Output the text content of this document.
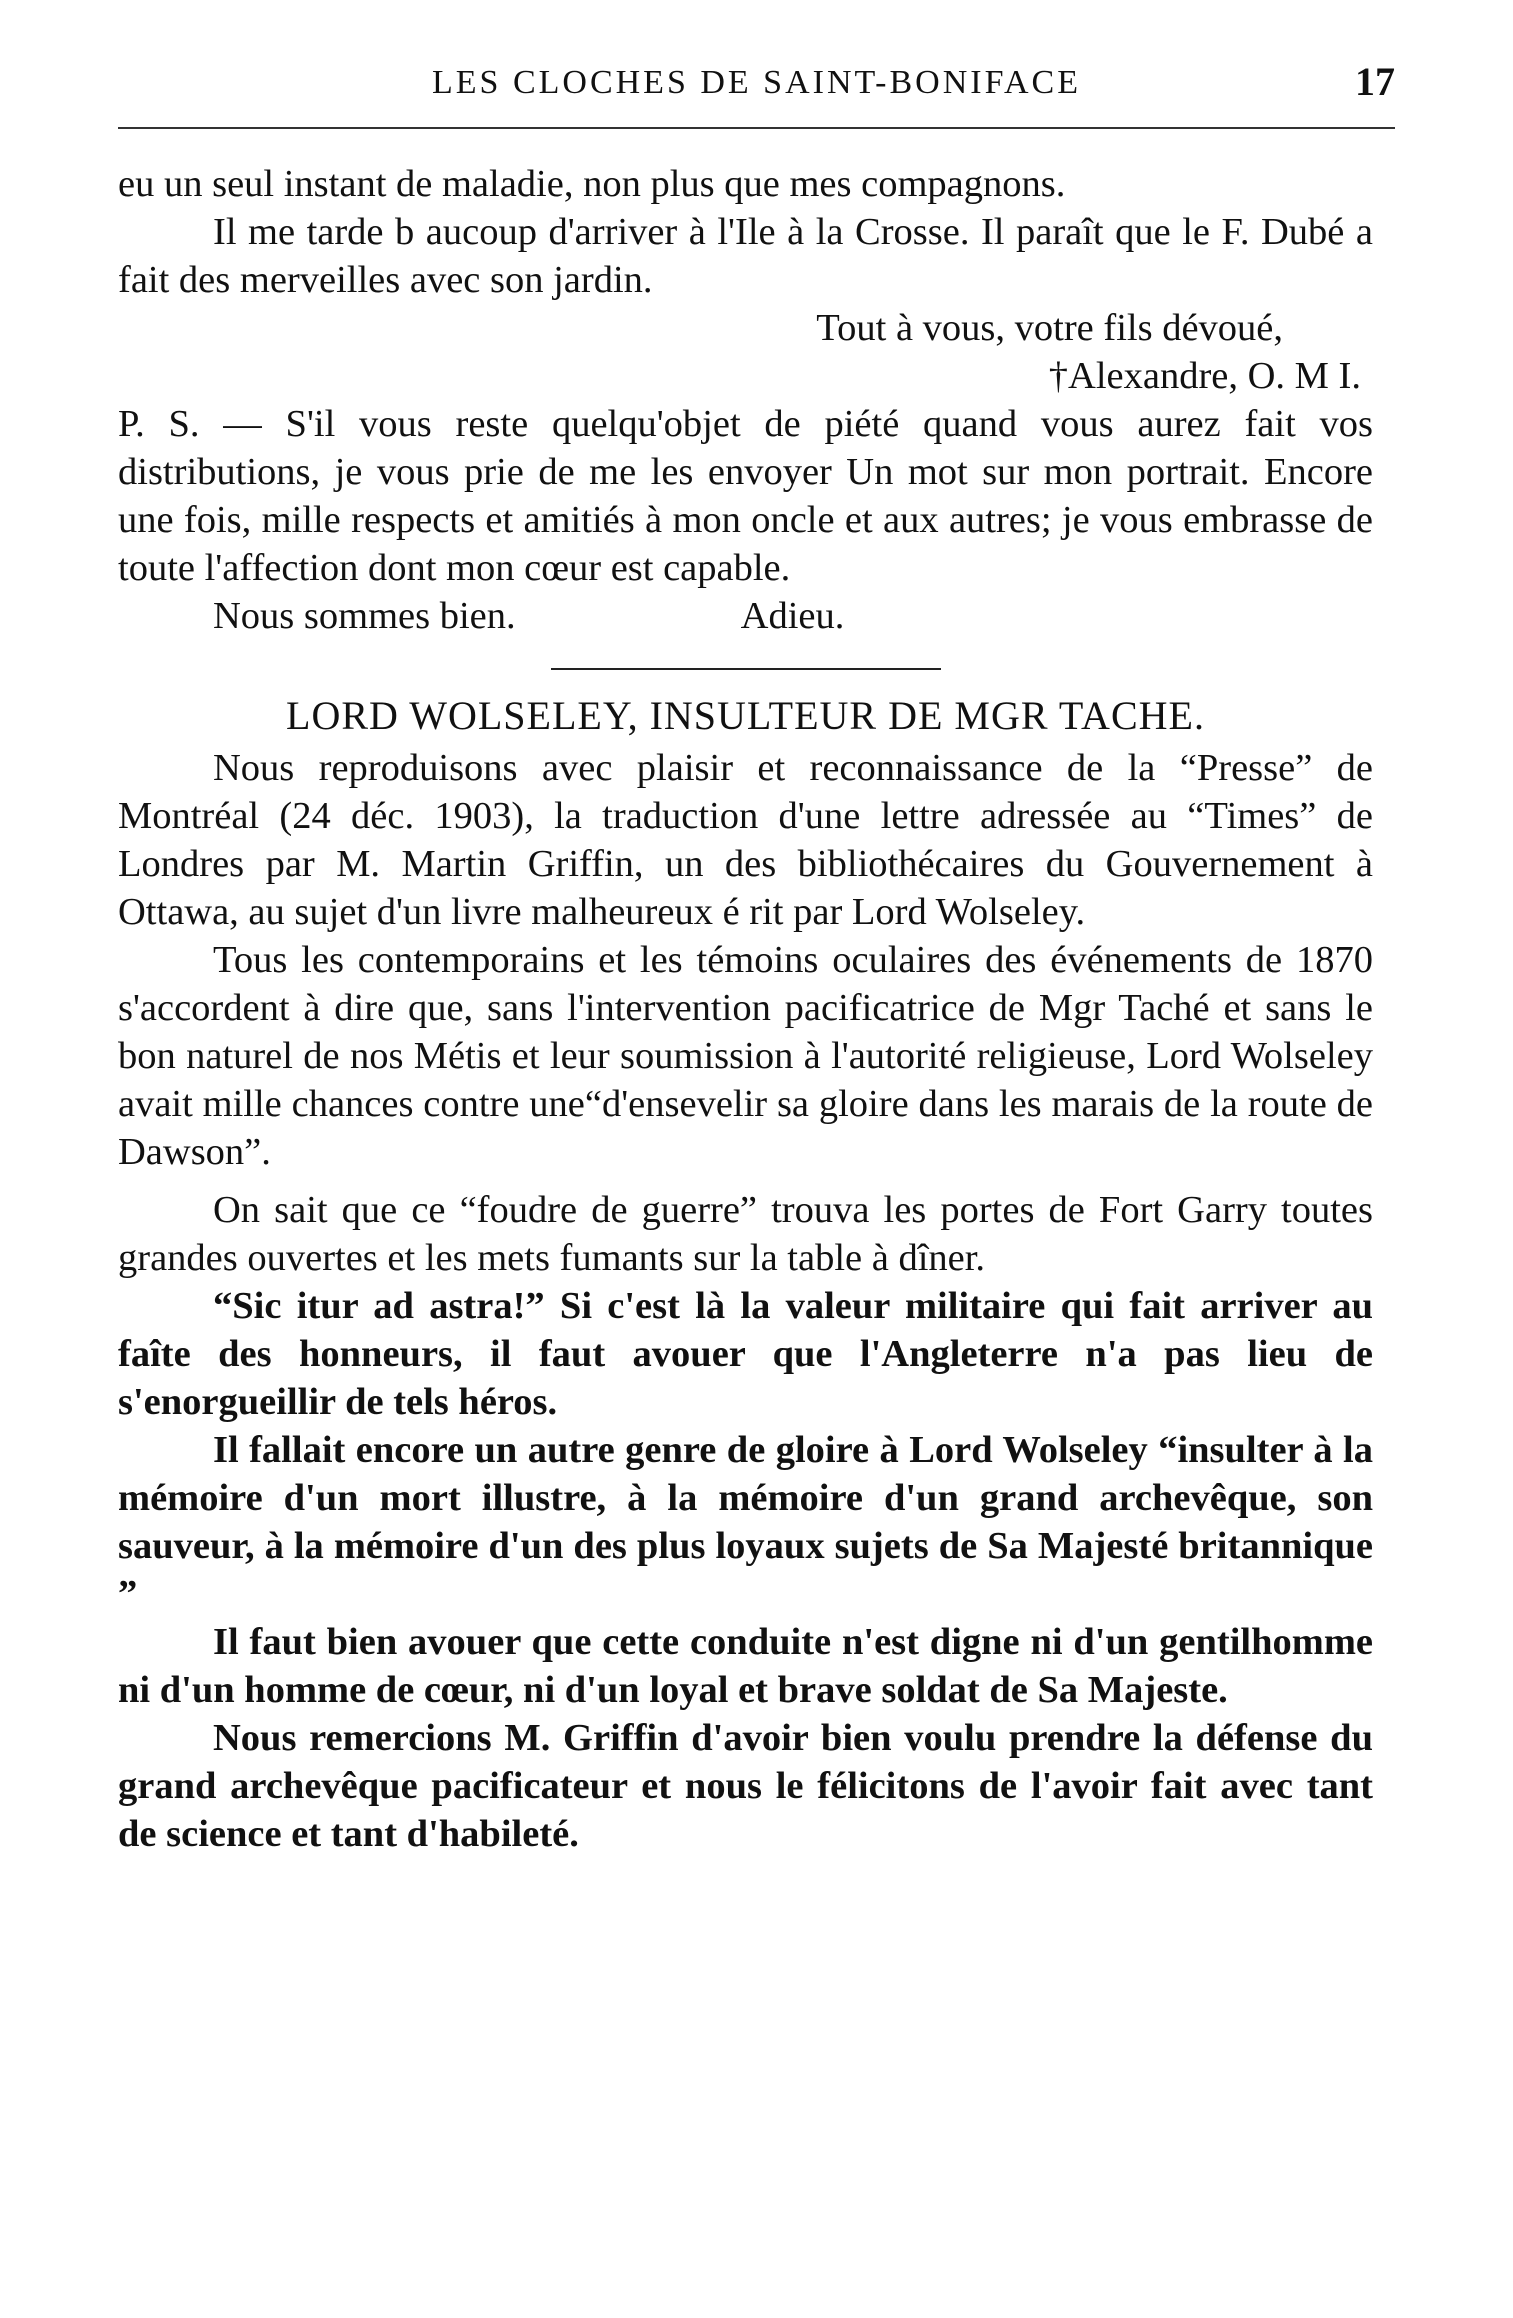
LES CLOCHES DE SAINT-BONIFACE	17

eu un seul instant de maladie, non plus que mes compagnons.

Il me tarde b aucoup d'arriver à l'Ile à la Crosse. Il paraît que le F. Dubé a fait des merveilles avec son jardin.

Tout à vous, votre fils dévoué,

†Alexandre, O. M I.

P. S. — S'il vous reste quelqu'objet de piété quand vous aurez fait vos distributions, je vous prie de me les envoyer Un mot sur mon portrait. Encore une fois, mille respects et amitiés à mon oncle et aux autres; je vous embrasse de toute l'affection dont mon cœur est capable.

Nous sommes bien.	Adieu.

LORD WOLSELEY, INSULTEUR DE MGR TACHE.

Nous reproduisons avec plaisir et reconnaissance de la “Presse” de Montréal (24 déc. 1903), la traduction d'une lettre adressée au “Times” de Londres par M. Martin Griffin, un des bibliothécaires du Gouvernement à Ottawa, au sujet d'un livre malheureux é rit par Lord Wolseley.

Tous les contemporains et les témoins oculaires des événements de 1870 s'accordent à dire que, sans l'intervention pacificatrice de Mgr Taché et sans le bon naturel de nos Métis et leur soumission à l'autorité religieuse, Lord Wolseley avait mille chances contre une“d'ensevelir sa gloire dans les marais de la route de Dawson”.

On sait que ce “foudre de guerre” trouva les portes de Fort Garry toutes grandes ouvertes et les mets fumants sur la table à dîner.

“Sic itur ad astra!” Si c'est là la valeur militaire qui fait arriver au faîte des honneurs, il faut avouer que l'Angleterre n'a pas lieu de s'enorgueillir de tels héros.

Il fallait encore un autre genre de gloire à Lord Wolseley “insulter à la mémoire d'un mort illustre, à la mémoire d'un grand archevêque, son sauveur, à la mémoire d'un des plus loyaux sujets de Sa Majesté britannique ”

Il faut bien avouer que cette conduite n'est digne ni d'un gentilhomme ni d'un homme de cœur, ni d'un loyal et brave soldat de Sa Majeste.

Nous remercions M. Griffin d'avoir bien voulu prendre la défense du grand archevêque pacificateur et nous le félicitons de l'avoir fait avec tant de science et tant d'habileté.
